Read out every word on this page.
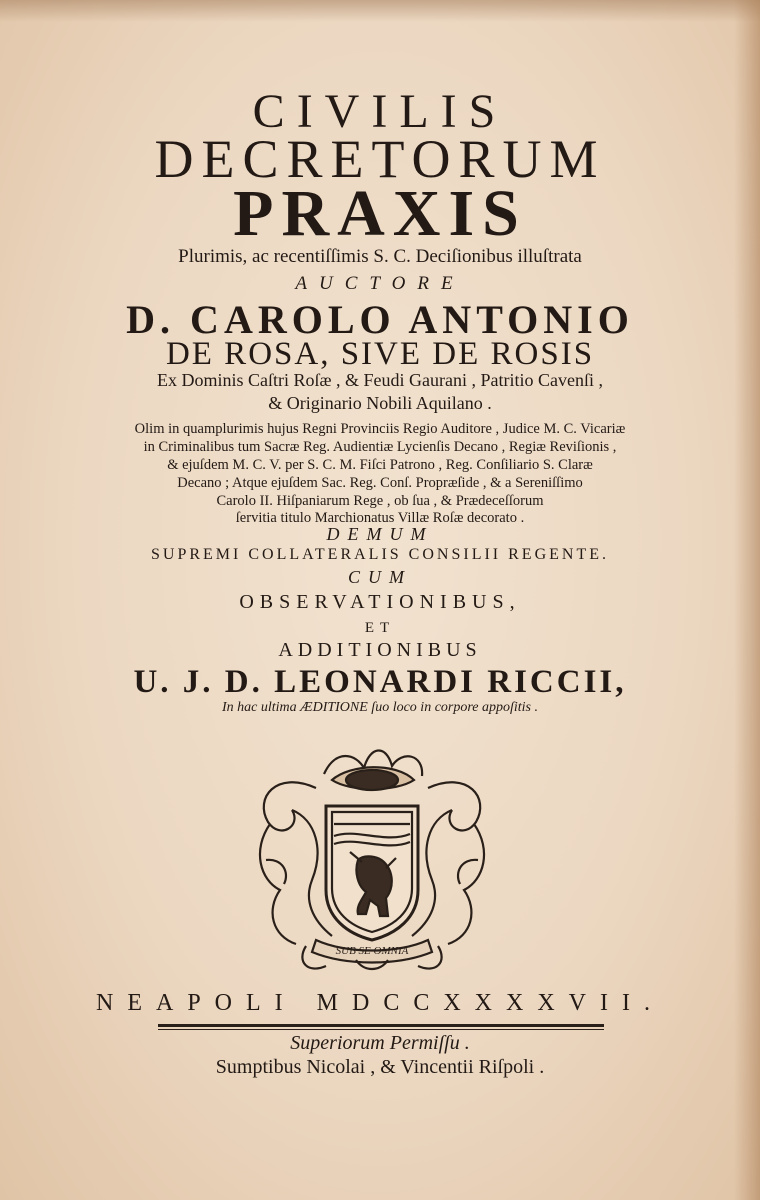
CIVILIS
DECRETORUM
PRAXIS
Plurimis, ac recentiſſimis S. C. Deciſionibus illuſtrata
AUCTORE
D. CAROLO ANTONIO
DE ROSA, SIVE DE ROSIS
Ex Dominis Caſtri Roſæ , & Feudi Gaurani , Patritio Cavenſi ,
& Originario Nobili Aquilano .
Olim in quamplurimis hujus Regni Provinciis Regio Auditore , Judice M. C. Vicariæ
in Criminalibus tum Sacræ Reg. Audientiæ Lycienſis Decano , Regiæ Reviſionis ,
& ejuſdem M. C. V. per S. C. M. Fiſci Patrono , Reg. Conſiliario S. Claræ
Decano ; Atque ejuſdem Sac. Reg. Conſ. Propræſide , & a Sereniſſimo
Carolo II. Hiſpaniarum Rege , ob ſua , & Prædeceſſorum
ſervitia titulo Marchionatus Villæ Roſæ decorato .
DEMUM
SUPREMI COLLATERALIS CONSILII REGENTE.
CUM
OBSERVATIONIBUS,
ET
ADDITIONIBUS
U. J. D. LEONARDI RICCII,
In hac ultima ÆDITIONE ſuo loco in corpore appoſitis .
SUB SE OMNIA
NEAPOLI MDCCXXXXVII.
Superiorum Permiſſu .
Sumptibus Nicolai , & Vincentii Riſpoli .
